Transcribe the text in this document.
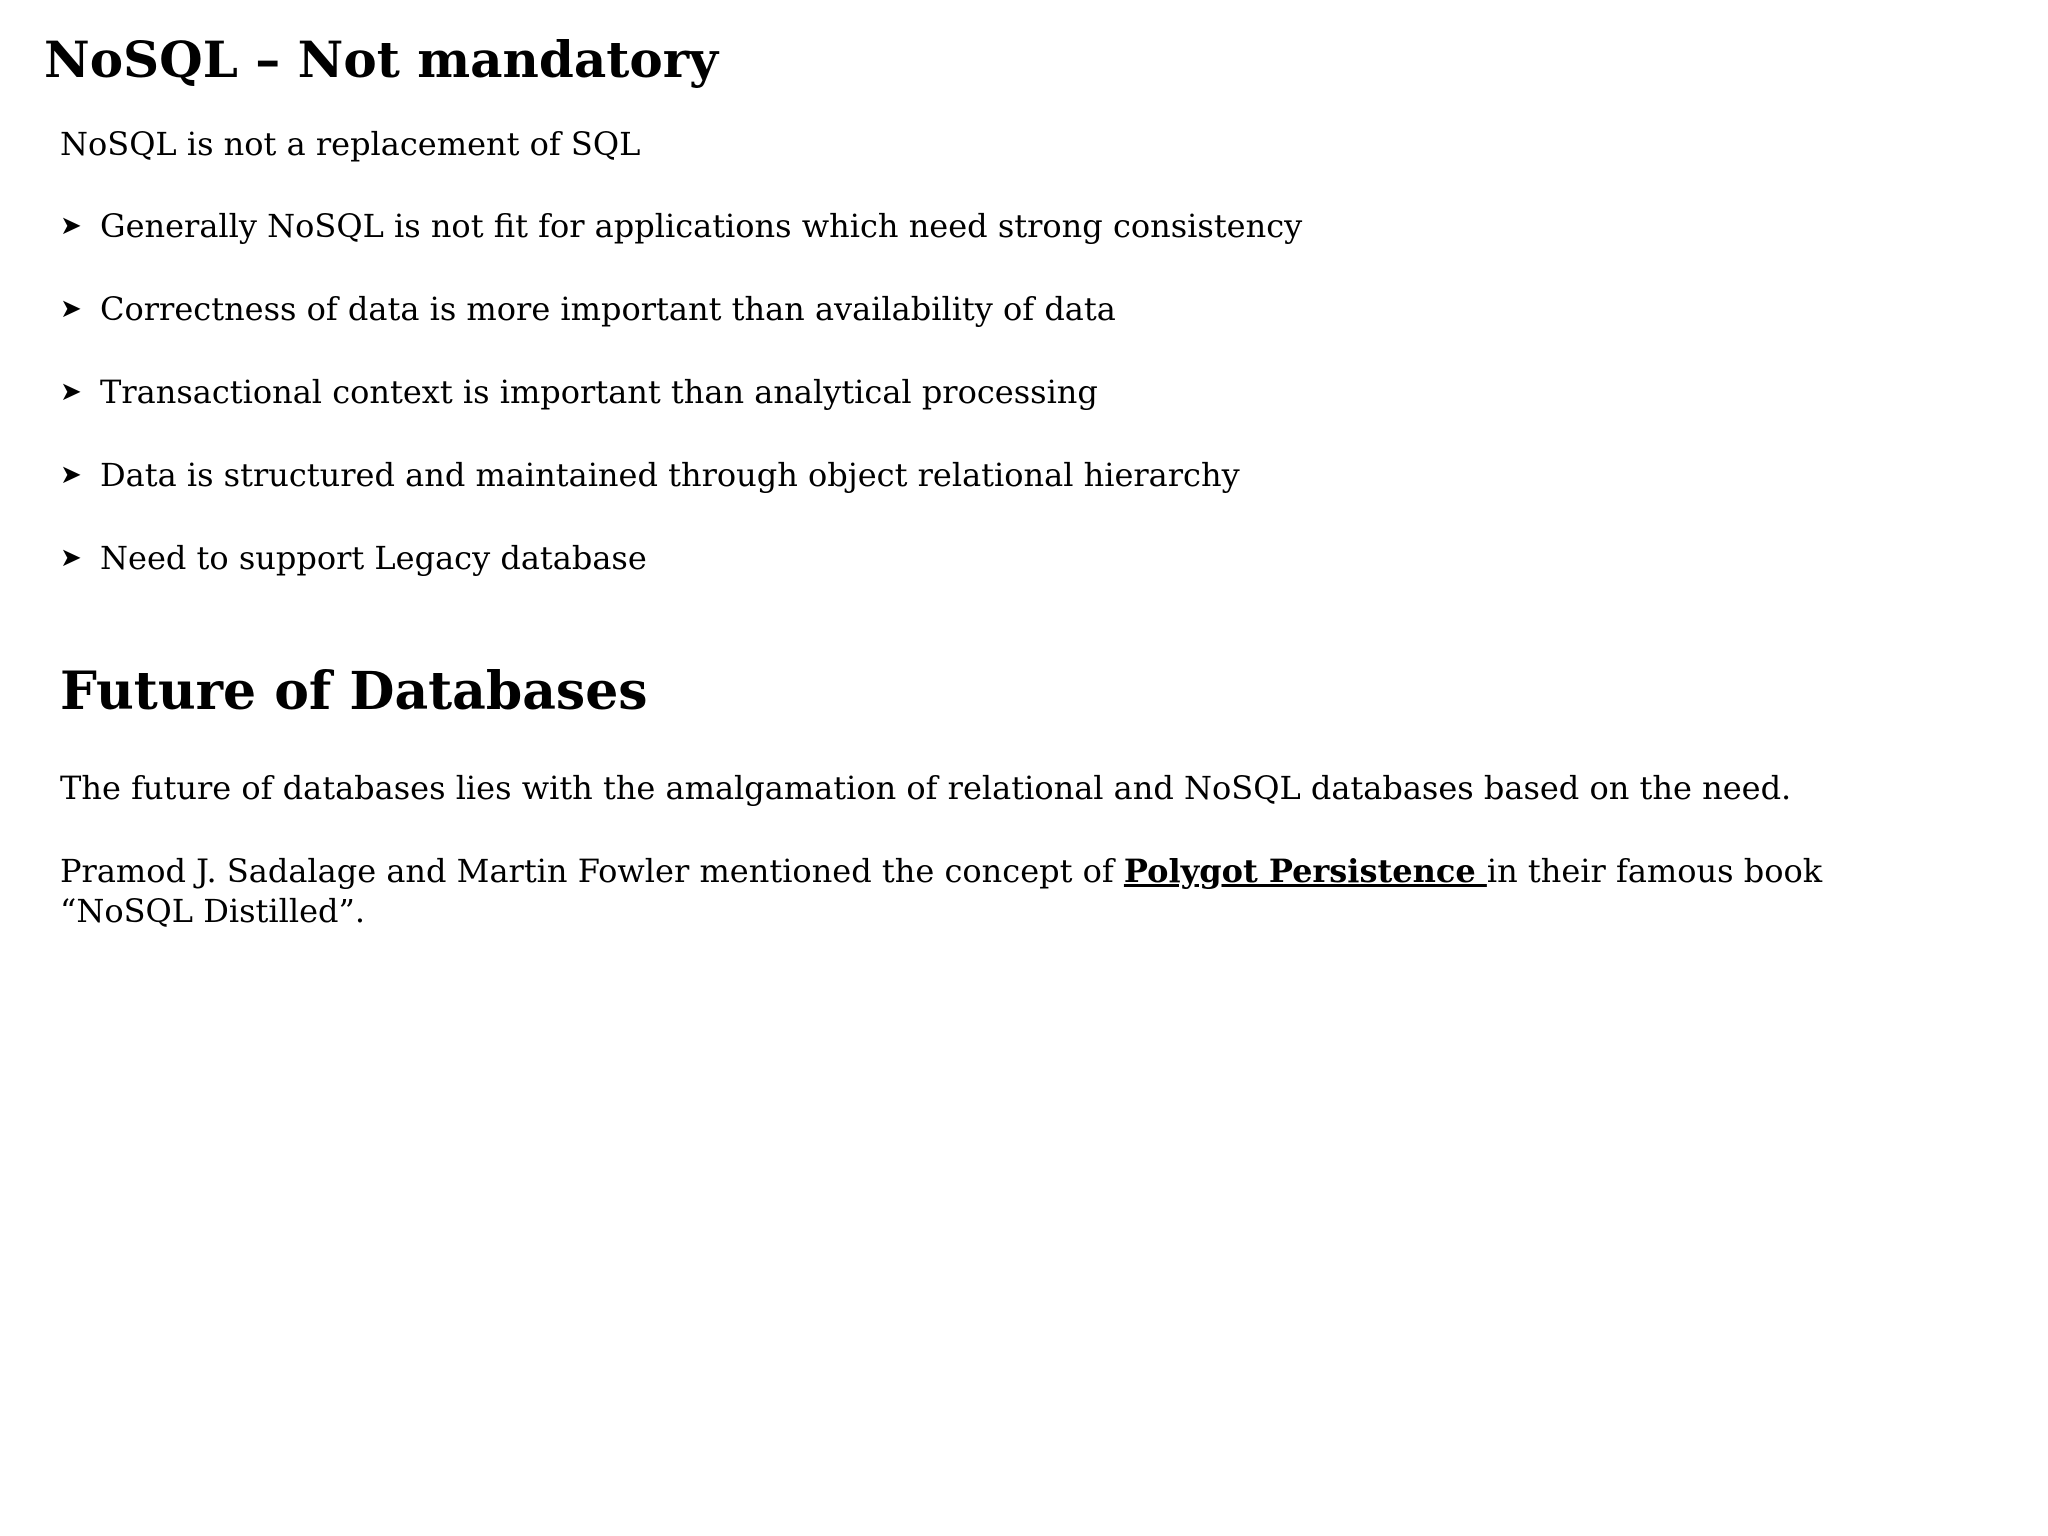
NoSQL – Not mandatory

NoSQL is not a replacement of SQL

➤ Generally NoSQL is not fit for applications which need strong consistency
➤ Correctness of data is more important than availability of data
➤ Transactional context is important than analytical processing
➤ Data is structured and maintained through object relational hierarchy
➤ Need to support Legacy database
Future of Databases

The future of databases lies with the amalgamation of relational and NoSQL databases based on the need.

Pramod J. Sadalage and Martin Fowler mentioned the concept of Polygot Persistence in their famous book “NoSQL Distilled”.
